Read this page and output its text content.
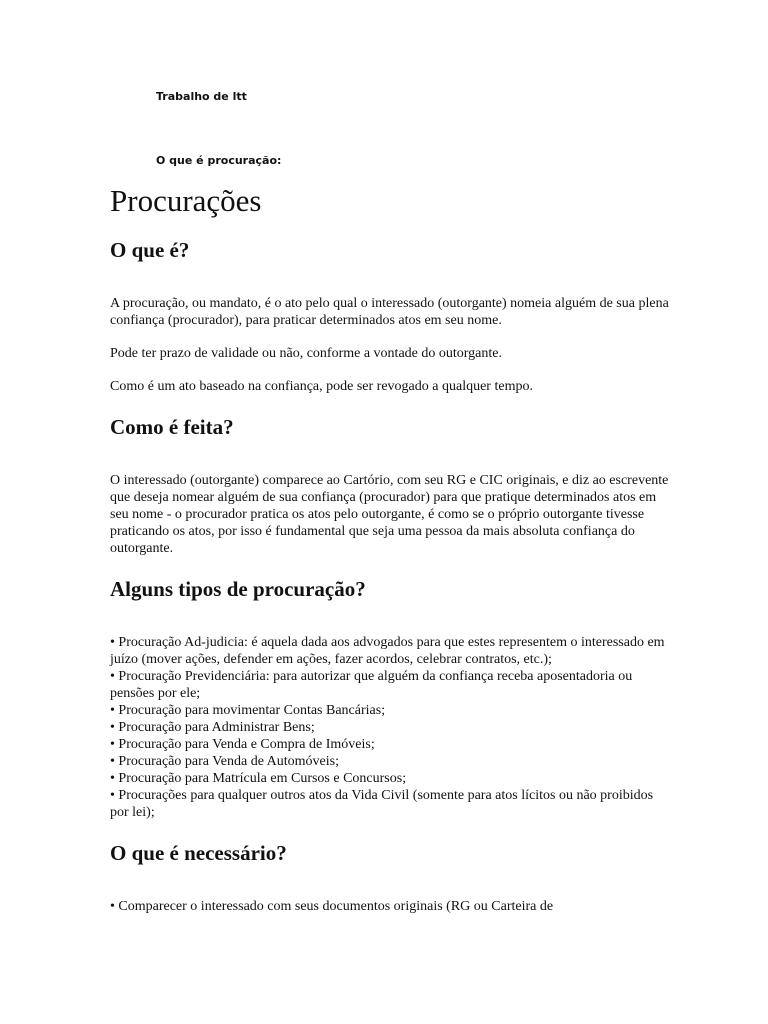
Trabalho de ltt

O que é procuração:

Procurações
O que é?

A procuração, ou mandato, é o ato pelo qual o interessado (outorgante) nomeia alguém de sua plena confiança (procurador), para praticar determinados atos em seu nome.

Pode ter prazo de validade ou não, conforme a vontade do outorgante.

Como é um ato baseado na confiança, pode ser revogado a qualquer tempo.

Como é feita?

O interessado (outorgante) comparece ao Cartório, com seu RG e CIC originais, e diz ao escrevente que deseja nomear alguém de sua confiança (procurador) para que pratique determinados atos em seu nome - o procurador pratica os atos pelo outorgante, é como se o próprio outorgante tivesse praticando os atos, por isso é fundamental que seja uma pessoa da mais absoluta confiança do outorgante.

Alguns tipos de procuração?

• Procuração Ad-judicia: é aquela dada aos advogados para que estes representem o interessado em juízo (mover ações, defender em ações, fazer acordos, celebrar contratos, etc.);

• Procuração Previdenciária: para autorizar que alguém da confiança receba aposentadoria ou pensões por ele;

• Procuração para movimentar Contas Bancárias;

• Procuração para Administrar Bens;

• Procuração para Venda e Compra de Imóveis;

• Procuração para Venda de Automóveis;

• Procuração para Matrícula em Cursos e Concursos;

• Procurações para qualquer outros atos da Vida Civil (somente para atos lícitos ou não proibidos por lei);

O que é necessário?

• Comparecer o interessado com seus documentos originais (RG ou Carteira de
